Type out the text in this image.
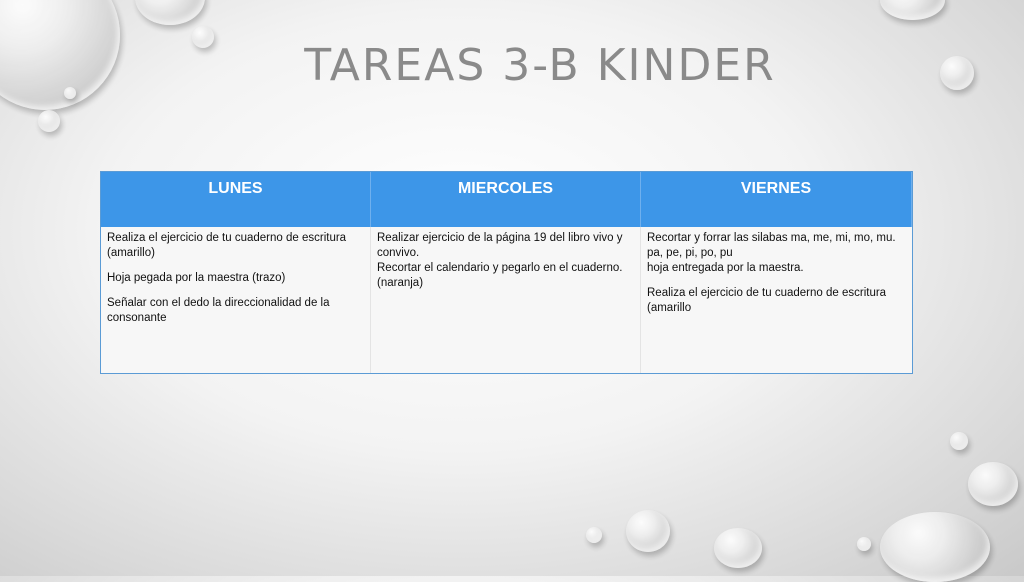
TAREAS 3-B KINDER
LUNES	MIERCOLES	VIERNES
Realiza el ejercicio de tu cuaderno de escritura
(amarillo)
Hoja pegada por la maestra (trazo)
Señalar con el dedo la direccionalidad de la
consonante
Realizar ejercicio de la página 19 del libro vivo y
convivo.
Recortar el calendario y pegarlo en el cuaderno.
(naranja)
Recortar y forrar las silabas ma, me, mi, mo, mu.
pa, pe, pi, po, pu
hoja entregada por la maestra.
Realiza el ejercicio de tu cuaderno de escritura
(amarillo
